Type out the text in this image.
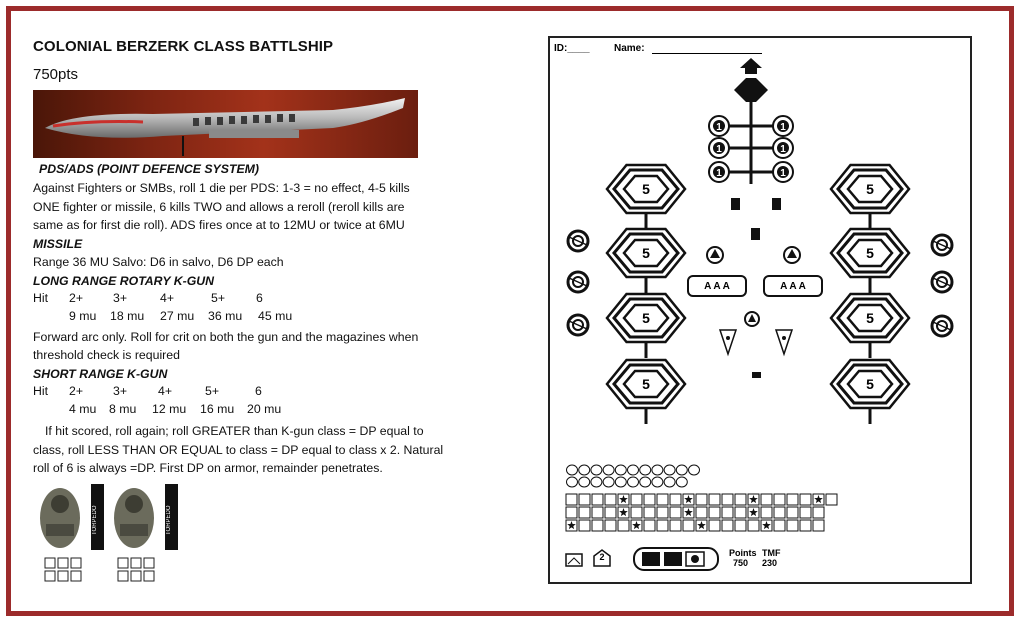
COLONIAL BERZERK CLASS BATTLSHIP
750pts
PDS/ADS (POINT DEFENCE SYSTEM)
Against Fighters or SMBs, roll 1 die per PDS: 1-3 = no effect, 4-5 kills
ONE fighter or missile, 6 kills TWO and allows a reroll (reroll kills are
same as for first die roll). ADS fires once at to 12MU or twice at 6MU
MISSILE
Range 36 MU Salvo: D6 in salvo, D6 DP each
LONG RANGE ROTARY K-GUN
Hit 2+ 3+	4+	5+	6
9 mu 18 mu 27 mu 36 mu 45 mu
Forward arc only. Roll for crit on both the gun and the magazines when
threshold check is required
SHORT RANGE K-GUN
Hit 2+ 3+	4+	5+	6
4 mu 8 mu 12 mu 16 mu 20 mu
If hit scored, roll again; roll GREATER than K-gun class = DP equal to
class, roll LESS THAN OR EQUAL to class = DP equal to class x 2. Natural
roll of 6 is always =DP. First DP on armor, remainder penetrates.
TORPEDO	TORPEDO
ID:____ Name:
1	1
1	1
1	1
5
5
5
5
5
5
5
5
2	Points TMF
750 230
A A A	A A A
